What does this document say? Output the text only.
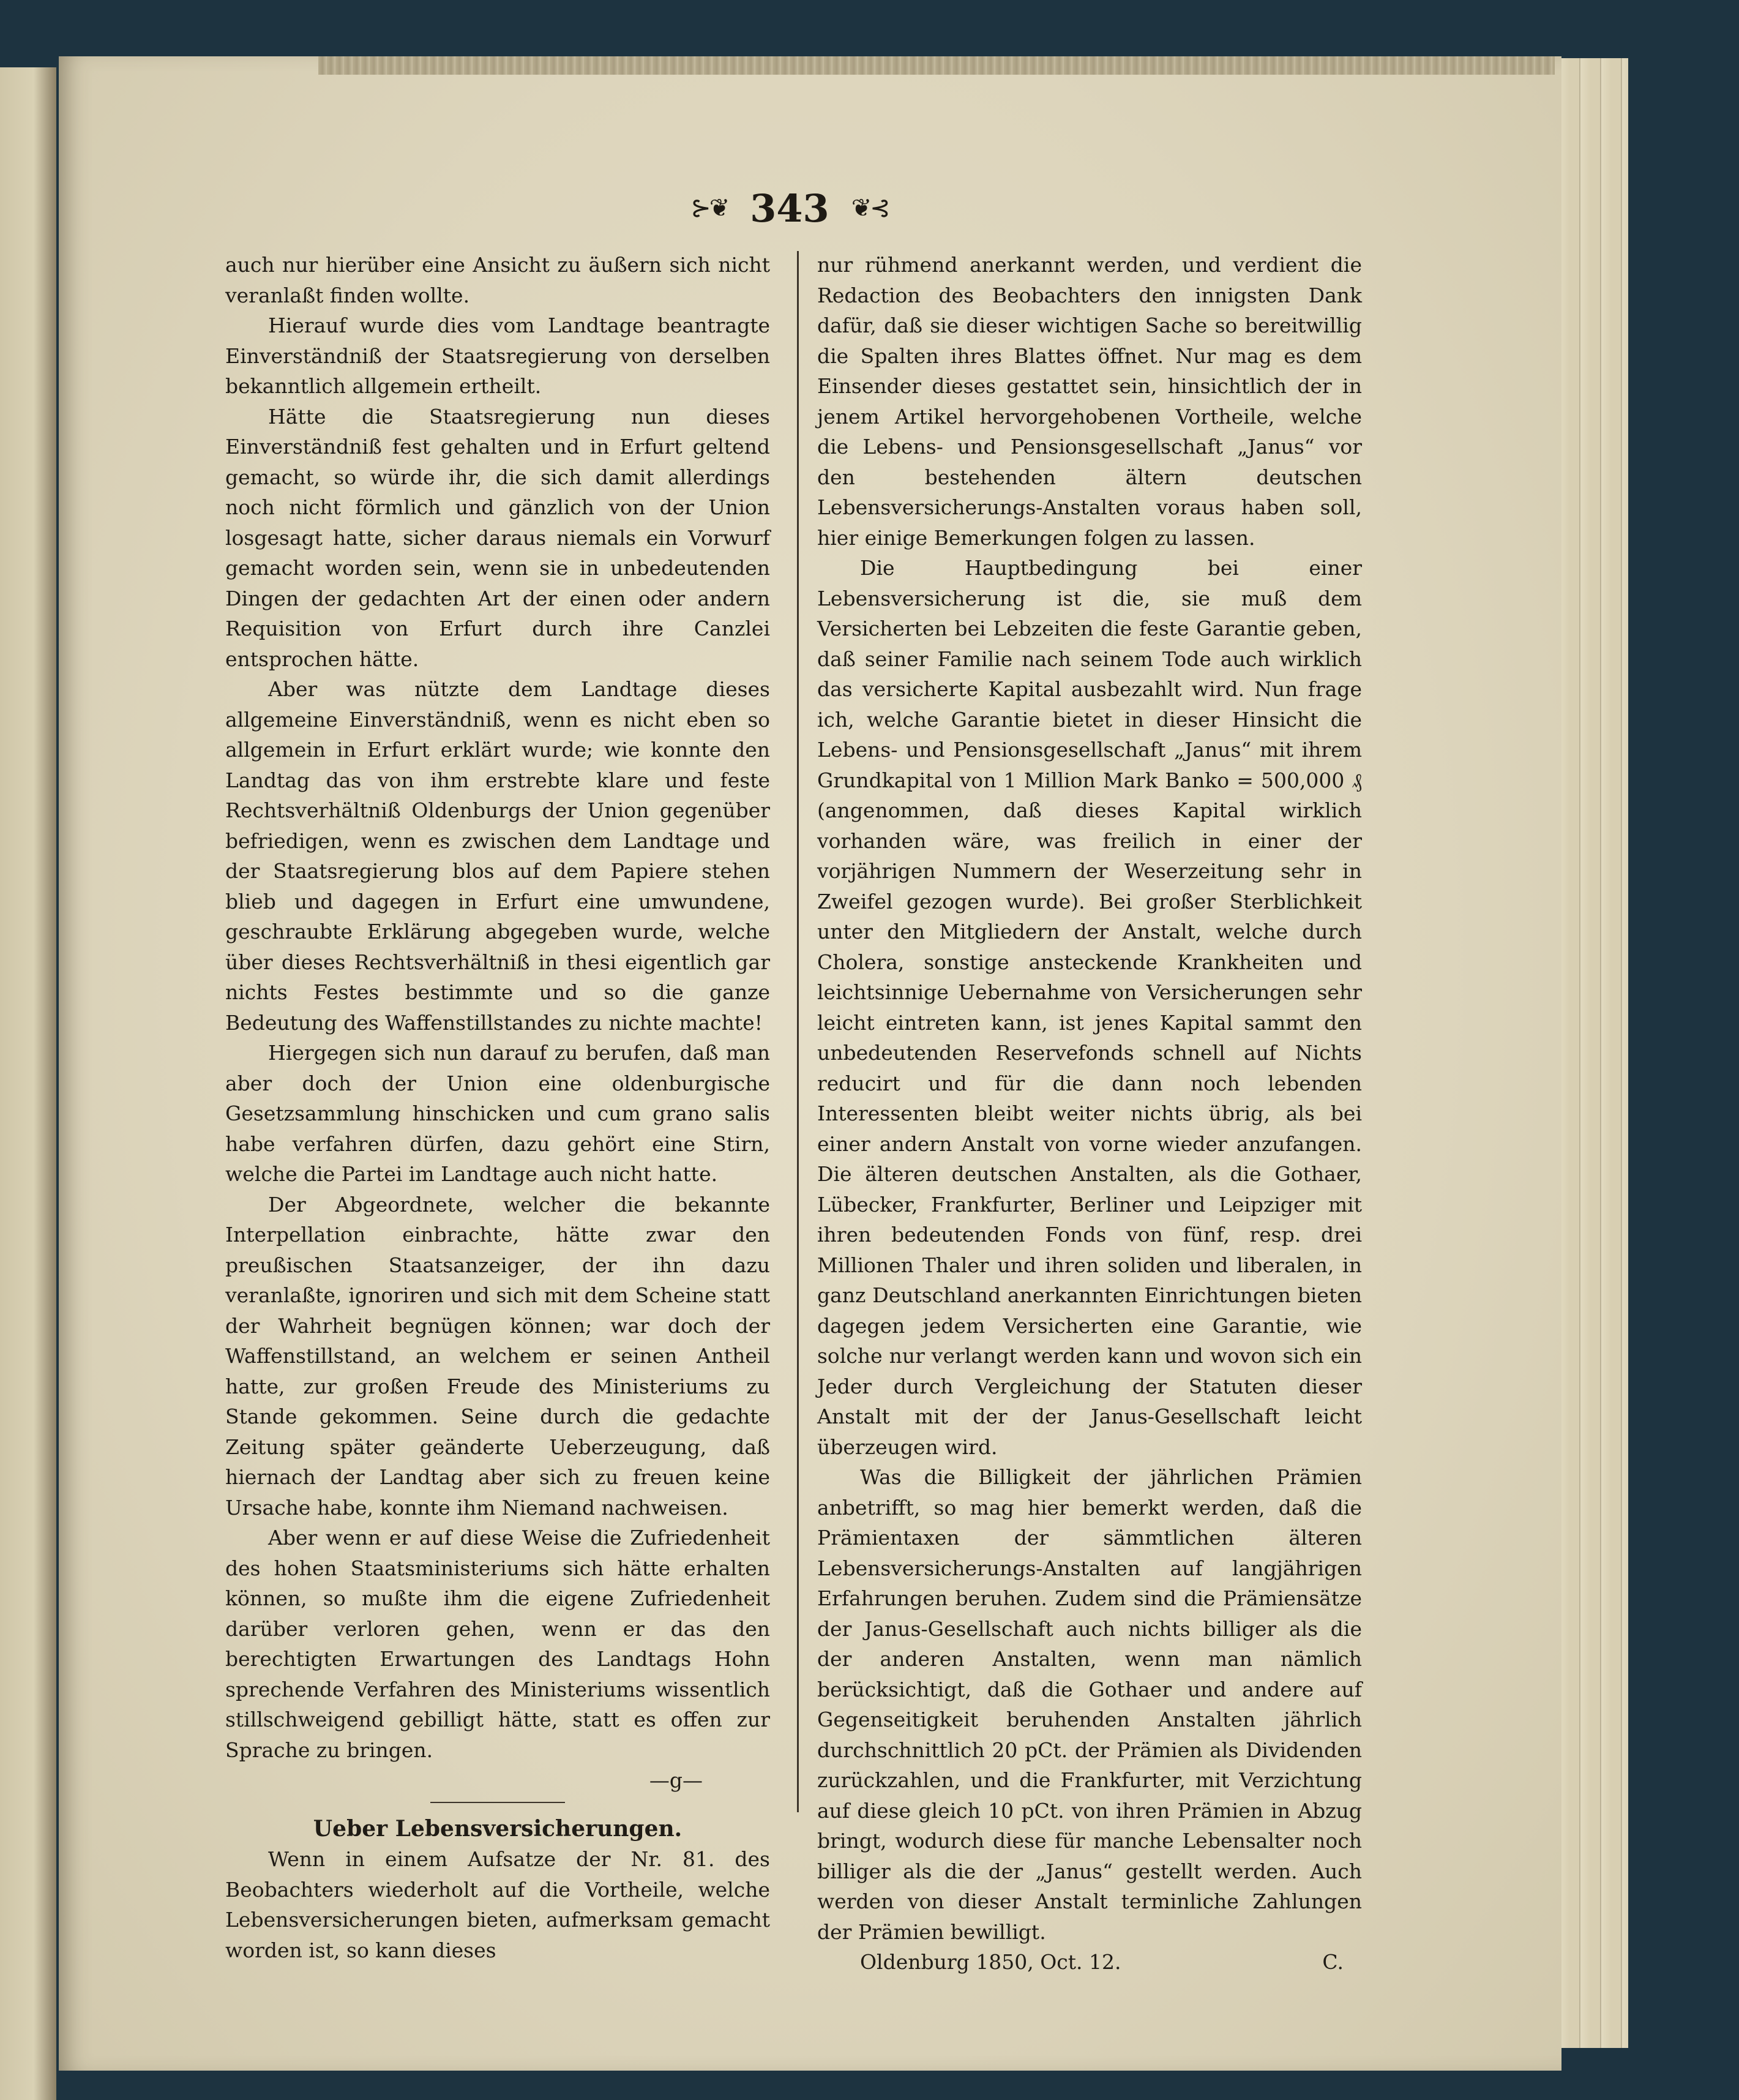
⊱❦ 343 ❦⊰

auch nur hierüber eine Ansicht zu äußern sich nicht veranlaßt finden wollte.

Hierauf wurde dies vom Landtage beantragte Einverständniß der Staatsregierung von derselben bekanntlich allgemein ertheilt.

Hätte die Staatsregierung nun dieses Einverständniß fest gehalten und in Erfurt geltend gemacht, so würde ihr, die sich damit allerdings noch nicht förmlich und gänzlich von der Union losgesagt hatte, sicher daraus niemals ein Vorwurf gemacht worden sein, wenn sie in unbedeutenden Dingen der gedachten Art der einen oder andern Requisition von Erfurt durch ihre Canzlei entsprochen hätte.

Aber was nützte dem Landtage dieses allgemeine Einverständniß, wenn es nicht eben so allgemein in Erfurt erklärt wurde; wie konnte den Landtag das von ihm erstrebte klare und feste Rechtsverhältniß Oldenburgs der Union gegenüber befriedigen, wenn es zwischen dem Landtage und der Staatsregierung blos auf dem Papiere stehen blieb und dagegen in Erfurt eine umwundene, geschraubte Erklärung abgegeben wurde, welche über dieses Rechtsverhältniß in thesi eigentlich gar nichts Festes bestimmte und so die ganze Bedeutung des Waffenstillstandes zu nichte machte!

Hiergegen sich nun darauf zu berufen, daß man aber doch der Union eine oldenburgische Gesetzsammlung hinschicken und cum grano salis habe verfahren dürfen, dazu gehört eine Stirn, welche die Partei im Landtage auch nicht hatte.

Der Abgeordnete, welcher die bekannte Interpellation einbrachte, hätte zwar den preußischen Staatsanzeiger, der ihn dazu veranlaßte, ignoriren und sich mit dem Scheine statt der Wahrheit begnügen können; war doch der Waffenstillstand, an welchem er seinen Antheil hatte, zur großen Freude des Ministeriums zu Stande gekommen. Seine durch die gedachte Zeitung später geänderte Ueberzeugung, daß hiernach der Landtag aber sich zu freuen keine Ursache habe, konnte ihm Niemand nachweisen.

Aber wenn er auf diese Weise die Zufriedenheit des hohen Staatsministeriums sich hätte erhalten können, so mußte ihm die eigene Zufriedenheit darüber verloren gehen, wenn er das den berechtigten Erwartungen des Landtags Hohn sprechende Verfahren des Ministeriums wissentlich stillschweigend gebilligt hätte, statt es offen zur Sprache zu bringen.

—g—

Ueber Lebensversicherungen.

Wenn in einem Aufsatze der Nr. 81. des Beobachters wiederholt auf die Vortheile, welche Lebensversicherungen bieten, aufmerksam gemacht worden ist, so kann dieses

nur rühmend anerkannt werden, und verdient die Redaction des Beobachters den innigsten Dank dafür, daß sie dieser wichtigen Sache so bereitwillig die Spalten ihres Blattes öffnet. Nur mag es dem Einsender dieses gestattet sein, hinsichtlich der in jenem Artikel hervorgehobenen Vortheile, welche die Lebens- und Pensionsgesellschaft „Janus“ vor den bestehenden ältern deutschen Lebensversicherungs-Anstalten voraus haben soll, hier einige Bemerkungen folgen zu lassen.

Die Hauptbedingung bei einer Lebensversicherung ist die, sie muß dem Versicherten bei Lebzeiten die feste Garantie geben, daß seiner Familie nach seinem Tode auch wirklich das versicherte Kapital ausbezahlt wird. Nun frage ich, welche Garantie bietet in dieser Hinsicht die Lebens- und Pensionsgesellschaft „Janus“ mit ihrem Grundkapital von 1 Million Mark Banko = 500,000 ₰ (angenommen, daß dieses Kapital wirklich vorhanden wäre, was freilich in einer der vorjährigen Nummern der Weserzeitung sehr in Zweifel gezogen wurde). Bei großer Sterblichkeit unter den Mitgliedern der Anstalt, welche durch Cholera, sonstige ansteckende Krankheiten und leichtsinnige Uebernahme von Versicherungen sehr leicht eintreten kann, ist jenes Kapital sammt den unbedeutenden Reservefonds schnell auf Nichts reducirt und für die dann noch lebenden Interessenten bleibt weiter nichts übrig, als bei einer andern Anstalt von vorne wieder anzufangen. Die älteren deutschen Anstalten, als die Gothaer, Lübecker, Frankfurter, Berliner und Leipziger mit ihren bedeutenden Fonds von fünf, resp. drei Millionen Thaler und ihren soliden und liberalen, in ganz Deutschland anerkannten Einrichtungen bieten dagegen jedem Versicherten eine Garantie, wie solche nur verlangt werden kann und wovon sich ein Jeder durch Vergleichung der Statuten dieser Anstalt mit der der Janus-Gesellschaft leicht überzeugen wird.

Was die Billigkeit der jährlichen Prämien anbetrifft, so mag hier bemerkt werden, daß die Prämientaxen der sämmtlichen älteren Lebensversicherungs-Anstalten auf langjährigen Erfahrungen beruhen. Zudem sind die Prämiensätze der Janus-Gesellschaft auch nichts billiger als die der anderen Anstalten, wenn man nämlich berücksichtigt, daß die Gothaer und andere auf Gegenseitigkeit beruhenden Anstalten jährlich durchschnittlich 20 pCt. der Prämien als Dividenden zurückzahlen, und die Frankfurter, mit Verzichtung auf diese gleich 10 pCt. von ihren Prämien in Abzug bringt, wodurch diese für manche Lebensalter noch billiger als die der „Janus“ gestellt werden. Auch werden von dieser Anstalt terminliche Zahlungen der Prämien bewilligt.

Oldenburg 1850, Oct. 12.	C.
